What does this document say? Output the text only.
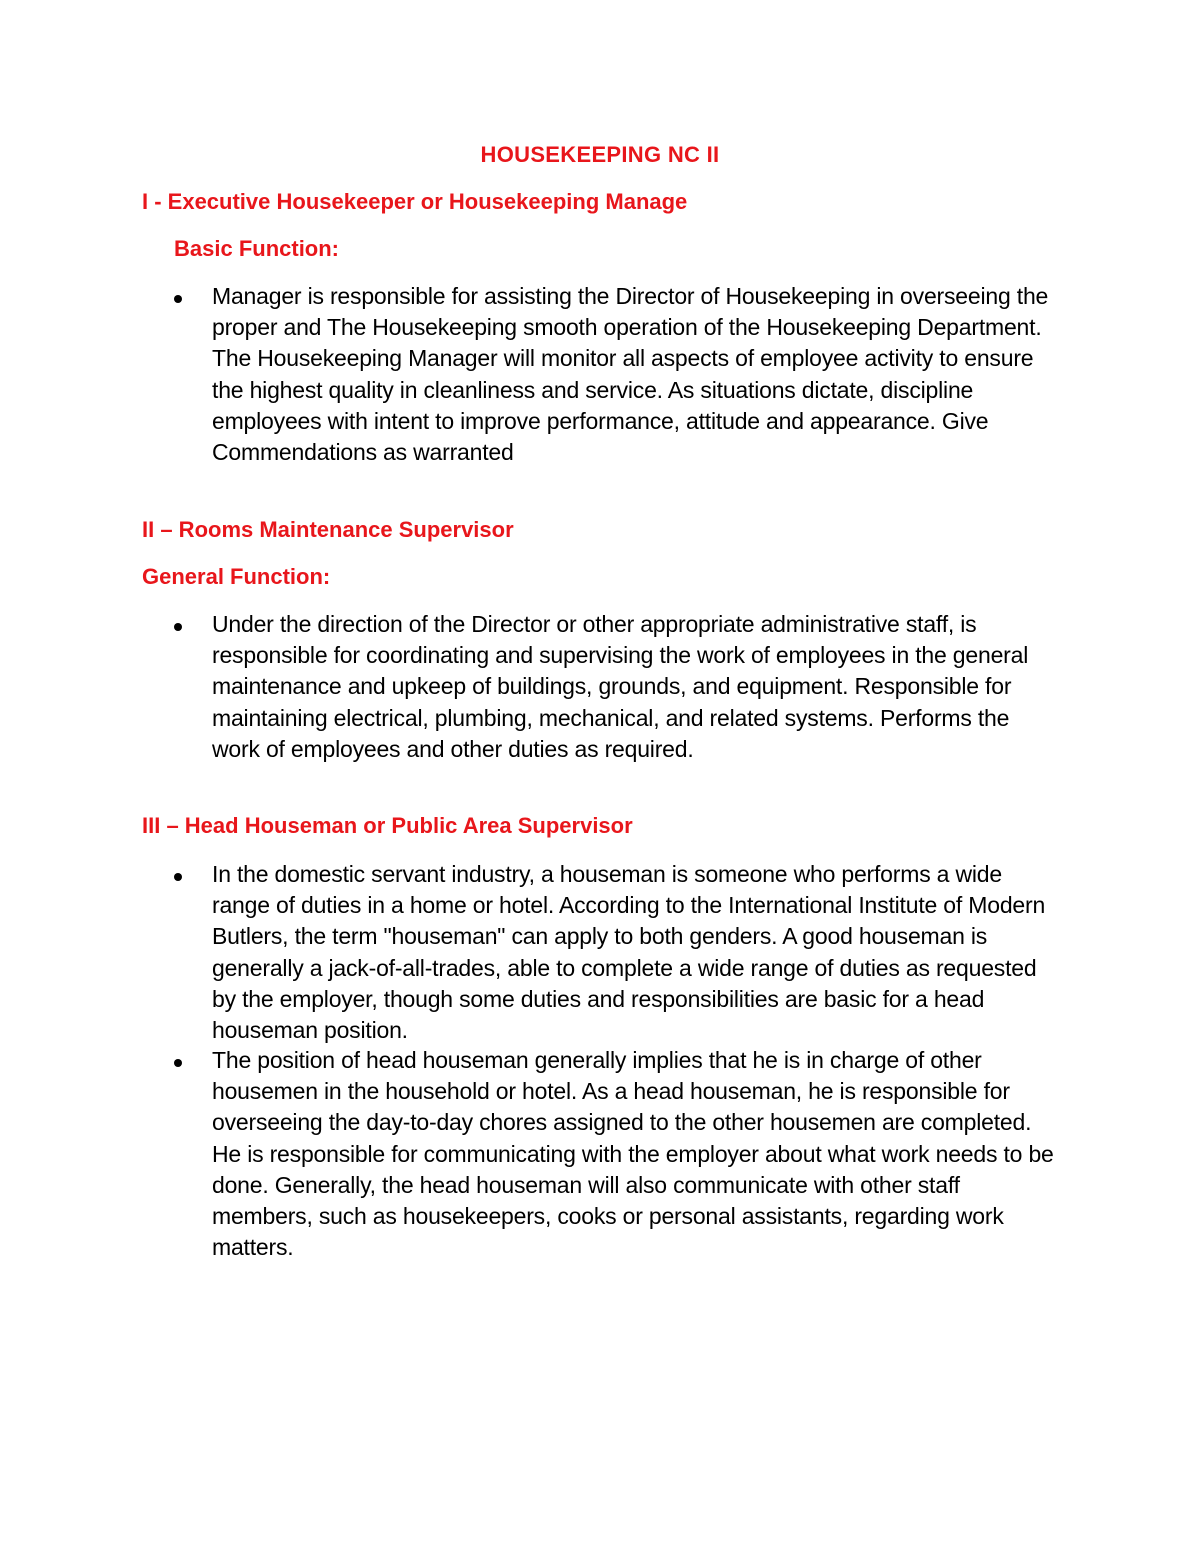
HOUSEKEEPING NC II
I - Executive Housekeeper or Housekeeping Manage
Basic Function:
Manager is responsible for assisting the Director of Housekeeping in overseeing the proper and The Housekeeping smooth operation of the Housekeeping Department. The Housekeeping Manager will monitor all aspects of employee activity to ensure the highest quality in cleanliness and service. As situations dictate, discipline employees with intent to improve performance, attitude and appearance. Give Commendations as warranted
II – Rooms Maintenance Supervisor
General Function:
Under the direction of the Director or other appropriate administrative staff, is responsible for coordinating and supervising the work of employees in the general maintenance and upkeep of buildings, grounds, and equipment. Responsible for maintaining electrical, plumbing, mechanical, and related systems. Performs the work of employees and other duties as required.
III – Head Houseman or Public Area Supervisor
In the domestic servant industry, a houseman is someone who performs a wide range of duties in a home or hotel. According to the International Institute of Modern Butlers, the term "houseman" can apply to both genders. A good houseman is generally a jack-of-all-trades, able to complete a wide range of duties as requested by the employer, though some duties and responsibilities are basic for a head houseman position.
The position of head houseman generally implies that he is in charge of other housemen in the household or hotel. As a head houseman, he is responsible for overseeing the day-to-day chores assigned to the other housemen are completed. He is responsible for communicating with the employer about what work needs to be done. Generally, the head houseman will also communicate with other staff members, such as housekeepers, cooks or personal assistants, regarding work matters.
